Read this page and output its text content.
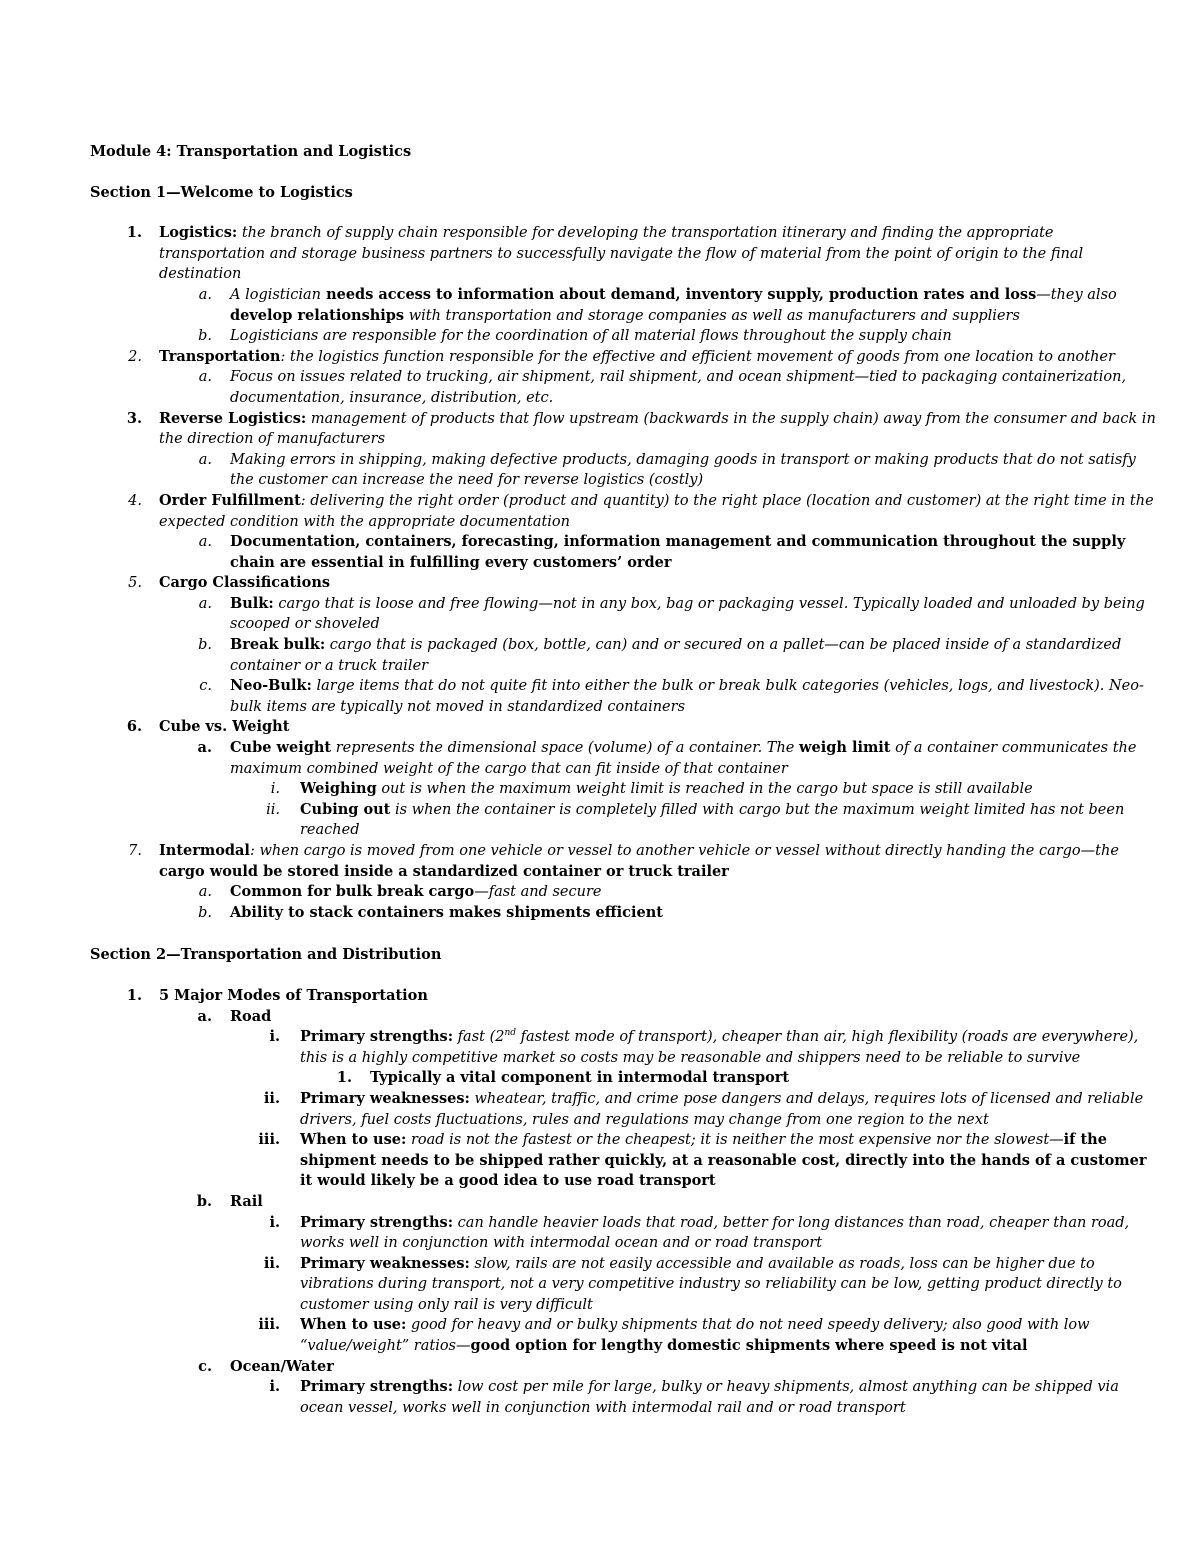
Module 4: Transportation and Logistics

Section 1—Welcome to Logistics

1. Logistics: the branch of supply chain responsible for developing the transportation itinerary and finding the appropriate transportation and storage business partners to successfully navigate the flow of material from the point of origin to the final destination
a. A logistician needs access to information about demand, inventory supply, production rates and loss—they also develop relationships with transportation and storage companies as well as manufacturers and suppliers
b. Logisticians are responsible for the coordination of all material flows throughout the supply chain
2. Transportation: the logistics function responsible for the effective and efficient movement of goods from one location to another
a. Focus on issues related to trucking, air shipment, rail shipment, and ocean shipment—tied to packaging containerization, documentation, insurance, distribution, etc.
3. Reverse Logistics: management of products that flow upstream (backwards in the supply chain) away from the consumer and back in the direction of manufacturers
a. Making errors in shipping, making defective products, damaging goods in transport or making products that do not satisfy the customer can increase the need for reverse logistics (costly)
4. Order Fulfillment: delivering the right order (product and quantity) to the right place (location and customer) at the right time in the expected condition with the appropriate documentation
a. Documentation, containers, forecasting, information management and communication throughout the supply chain are essential in fulfilling every customers’ order
5. Cargo Classifications
a. Bulk: cargo that is loose and free flowing—not in any box, bag or packaging vessel. Typically loaded and unloaded by being scooped or shoveled
b. Break bulk: cargo that is packaged (box, bottle, can) and or secured on a pallet—can be placed inside of a standardized container or a truck trailer
c. Neo-Bulk: large items that do not quite fit into either the bulk or break bulk categories (vehicles, logs, and livestock). Neo-bulk items are typically not moved in standardized containers
6. Cube vs. Weight
a. Cube weight represents the dimensional space (volume) of a container. The weigh limit of a container communicates the maximum combined weight of the cargo that can fit inside of that container
i. Weighing out is when the maximum weight limit is reached in the cargo but space is still available
ii. Cubing out is when the container is completely filled with cargo but the maximum weight limited has not been reached
7. Intermodal: when cargo is moved from one vehicle or vessel to another vehicle or vessel without directly handing the cargo—the cargo would be stored inside a standardized container or truck trailer
a. Common for bulk break cargo—fast and secure
b. Ability to stack containers makes shipments efficient

Section 2—Transportation and Distribution

1. 5 Major Modes of Transportation
a. Road
i. Primary strengths: fast (2nd fastest mode of transport), cheaper than air, high flexibility (roads are everywhere), this is a highly competitive market so costs may be reasonable and shippers need to be reliable to survive
1. Typically a vital component in intermodal transport
ii. Primary weaknesses: wheatear, traffic, and crime pose dangers and delays, requires lots of licensed and reliable drivers, fuel costs fluctuations, rules and regulations may change from one region to the next
iii. When to use: road is not the fastest or the cheapest; it is neither the most expensive nor the slowest—if the shipment needs to be shipped rather quickly, at a reasonable cost, directly into the hands of a customer it would likely be a good idea to use road transport
b. Rail
i. Primary strengths: can handle heavier loads that road, better for long distances than road, cheaper than road, works well in conjunction with intermodal ocean and or road transport
ii. Primary weaknesses: slow, rails are not easily accessible and available as roads, loss can be higher due to vibrations during transport, not a very competitive industry so reliability can be low, getting product directly to customer using only rail is very difficult
iii. When to use: good for heavy and or bulky shipments that do not need speedy delivery; also good with low “value/weight” ratios—good option for lengthy domestic shipments where speed is not vital
c. Ocean/Water
i. Primary strengths: low cost per mile for large, bulky or heavy shipments, almost anything can be shipped via ocean vessel, works well in conjunction with intermodal rail and or road transport
